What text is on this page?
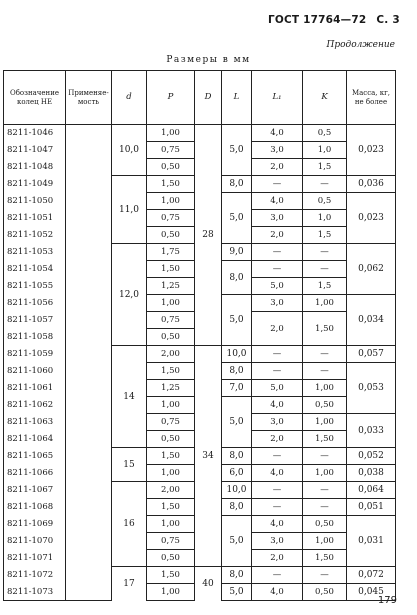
ГОСТ 17764—72 С. 3
Продолжение
Размеры в мм
Обозначение колец НЕ	Применяе-мость	d	P	D	L	L₁	K	Масса, кг, не более
8211-1046		10,0	1,00	28	5,0	4,0	0,5	0,023
8211-1047			0,75			3,0	1,0	
8211-1048			0,50			2,0	1,5	
8211-1049		11,0	1,50		8,0	—	—	0,036
8211-1050			1,00		5,0	4,0	0,5	0,023
8211-1051			0,75			3,0	1,0	
8211-1052			0,50			2,0	1,5	
8211-1053		12,0	1,75		9,0	—	—	0,062
8211-1054			1,50		8,0	—	—	
8211-1055			1,25			5,0	1,5	
8211-1056			1,00		5,0	3,0	1,00	0,034
8211-1057			0,75			2,0	1,50	
8211-1058			0,50					
8211-1059		14	2,00	34	10,0	—	—	0,057
8211-1060			1,50		8,0	—	—	0,053
8211-1061			1,25		7,0	5,0	1,00	
8211-1062			1,00		5,0	4,0	0,50	
8211-1063			0,75			3,0	1,00	0,033
8211-1064			0,50			2,0	1,50	
8211-1065		15	1,50		8,0	—	—	0,052
8211-1066			1,00		6,0	4,0	1,00	0,038
8211-1067		16	2,00		10,0	—	—	0,064
8211-1068			1,50		8,0	—	—	0,051
8211-1069			1,00		5,0	4,0	0,50	0,031
8211-1070			0,75			3,0	1,00	
8211-1071			0,50			2,0	1,50	
8211-1072		17	1,50	40	8,0	—	—	0,072
8211-1073			1,00		5,0	4,0	0,50	0,045
179
